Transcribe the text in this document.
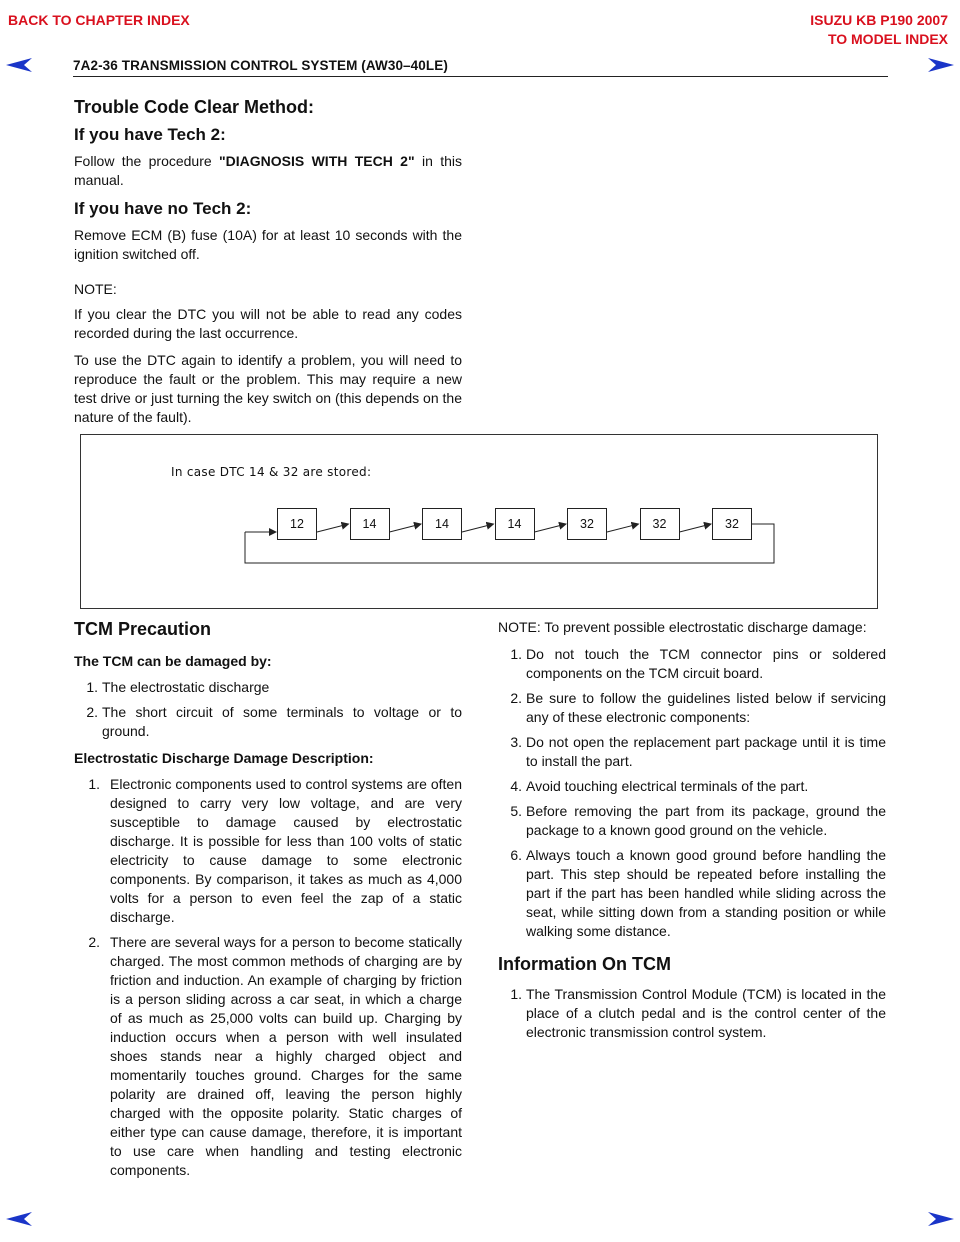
BACK TO CHAPTER INDEX	ISUZU KB P190 2007
TO MODEL INDEX
7A2-36 TRANSMISSION CONTROL SYSTEM (AW30–40LE)
Trouble Code Clear Method:
If you have Tech 2:

Follow the procedure "DIAGNOSIS WITH TECH 2" in this manual.

If you have no Tech 2:

Remove ECM (B) fuse (10A) for at least 10 seconds with the ignition switched off.

NOTE:

If you clear the DTC you will not be able to read any codes recorded during the last occurrence.

To use the DTC again to identify a problem, you will need to reproduce the fault or the problem. This may require a new test drive or just turning the key switch on (this depends on the nature of the fault).

In case DTC 14 & 32 are stored:
12	14	14	14	32	32	32
TCM Precaution
The TCM can be damaged by:
1. The electrostatic discharge
2. The short circuit of some terminals to voltage or to ground.
Electrostatic Discharge Damage Description:
1. Electronic components used to control systems are often designed to carry very low voltage, and are very susceptible to damage caused by electrostatic discharge. It is possible for less than 100 volts of static electricity to cause damage to some electronic components. By comparison, it takes as much as 4,000 volts for a person to even feel the zap of a static discharge.
2. There are several ways for a person to become statically charged. The most common methods of charging are by friction and induction. An example of charging by friction is a person sliding across a car seat, in which a charge of as much as 25,000 volts can build up. Charging by induction occurs when a person with well insulated shoes stands near a highly charged object and momentarily touches ground. Charges for the same polarity are drained off, leaving the person highly charged with the opposite polarity. Static charges of either type can cause damage, therefore, it is important to use care when handling and testing electronic components.

NOTE: To prevent possible electrostatic discharge damage:

1. Do not touch the TCM connector pins or soldered components on the TCM circuit board.
2. Be sure to follow the guidelines listed below if servicing any of these electronic components:
3. Do not open the replacement part package until it is time to install the part.
4. Avoid touching electrical terminals of the part.
5. Before removing the part from its package, ground the package to a known good ground on the vehicle.
6. Always touch a known good ground before handling the part. This step should be repeated before installing the part if the part has been handled while sliding across the seat, while sitting down from a standing position or while walking some distance.
Information On TCM
1. The Transmission Control Module (TCM) is located in the place of a clutch pedal and is the control center of the electronic transmission control system.
